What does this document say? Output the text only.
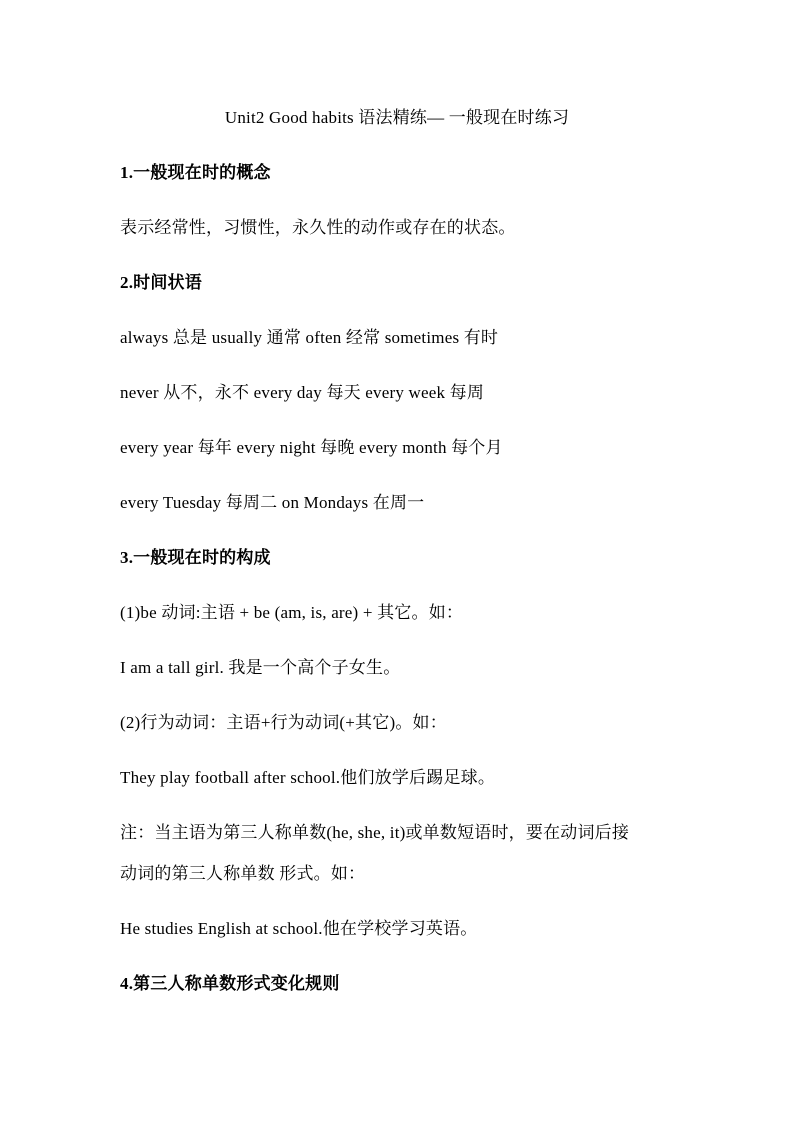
Unit2 Good habits 语法精练— 一般现在时练习
1.一般现在时的概念
表示经常性，习惯性，永久性的动作或存在的状态。
2.时间状语
always 总是 usually 通常 often 经常 sometimes 有时
never 从不，永不 every day 每天 every week 每周
every year 每年 every night 每晚 every month 每个月
every Tuesday 每周二 on Mondays 在周一
3.一般现在时的构成
(1)be 动词:主语 + be (am, is, are) + 其它。如：
I am a tall girl. 我是一个高个子女生。
(2)行为动词：主语+行为动词(+其它)。如：
They play football after school.他们放学后踢足球。
注：当主语为第三人称单数(he, she, it)或单数短语时，要在动词后接
动词的第三人称单数 形式。如：
He studies English at school.他在学校学习英语。
4.第三人称单数形式变化规则
